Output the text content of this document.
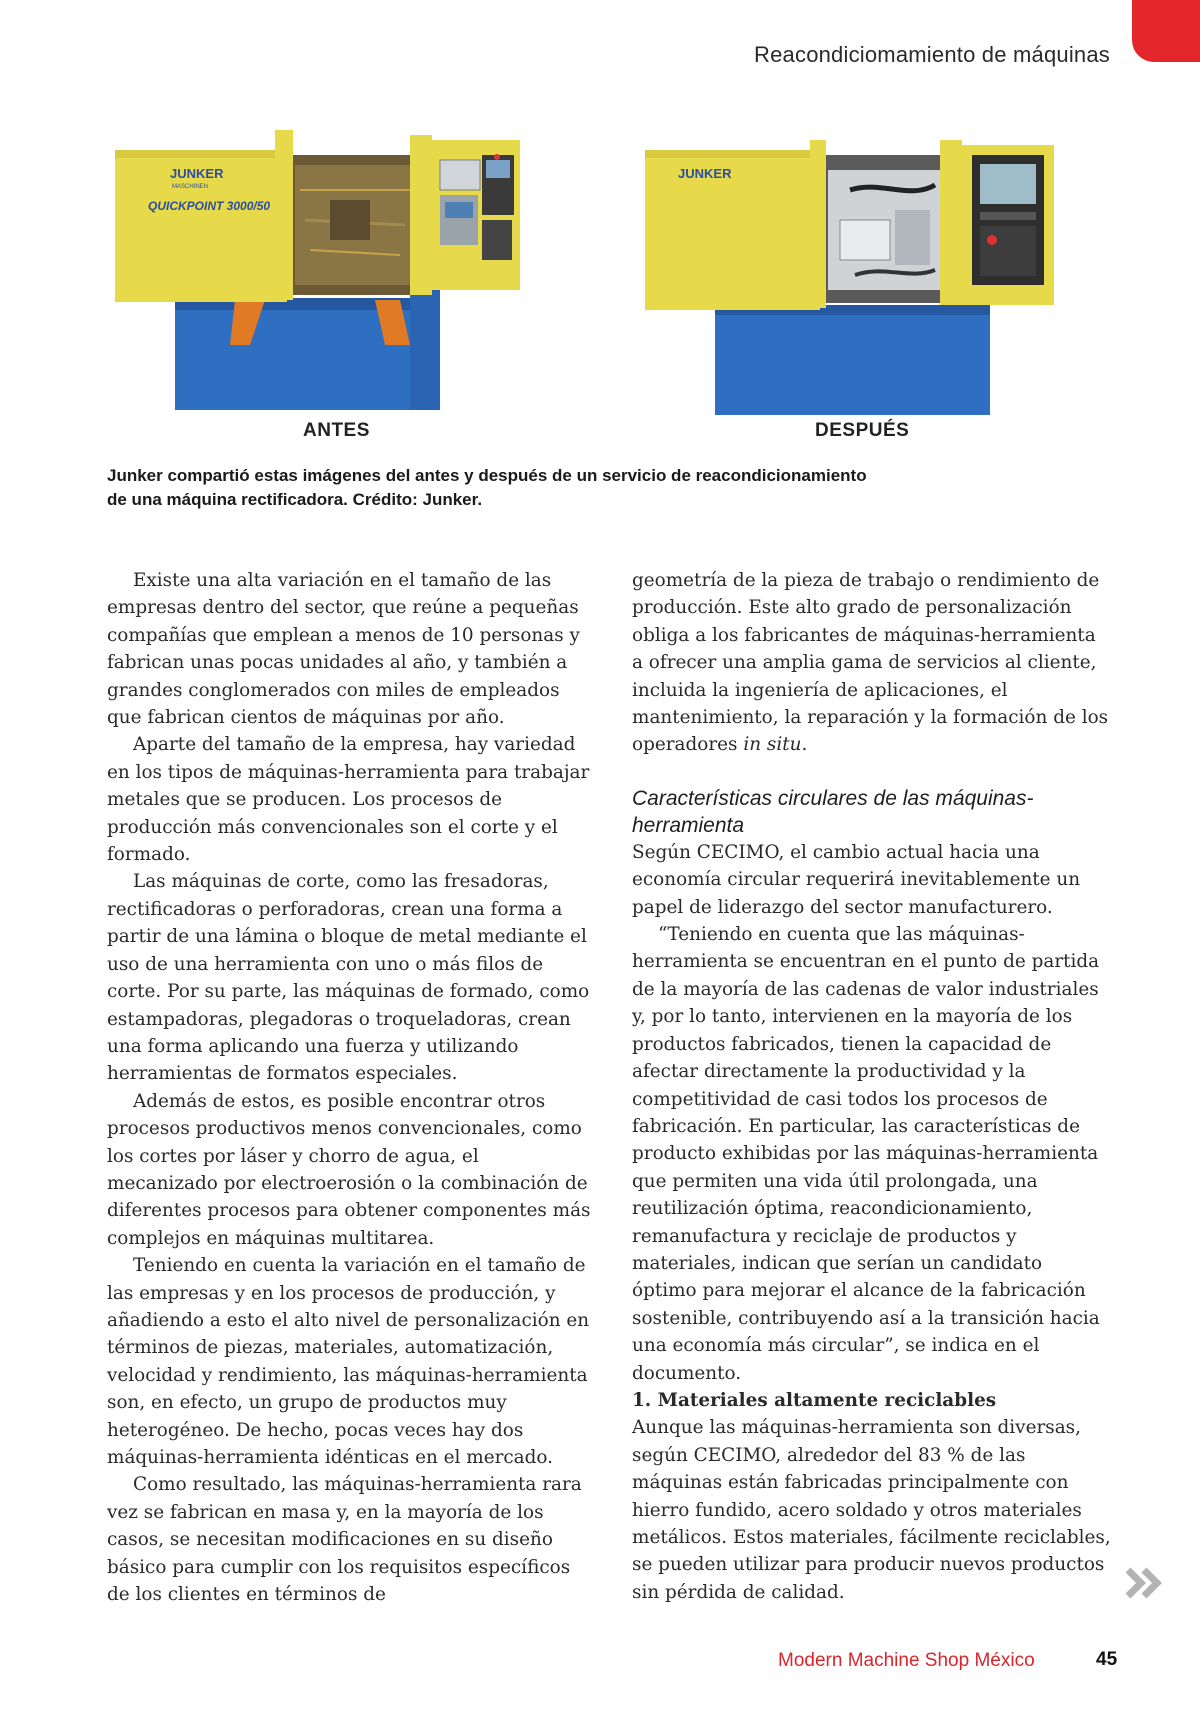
Reacondiciomamiento de máquinas
JUNKER
MASCHINEN
QUICKPOINT 3000/50
JUNKER
ANTES	DESPUÉS
Junker compartió estas imágenes del antes y después de un servicio de reacondicionamiento
de una máquina rectificadora. Crédito: Junker.

Existe una alta variación en el tamaño de las empresas dentro del sector, que reúne a pequeñas compañías que emplean a menos de 10 personas y fabrican unas pocas unidades al año, y también a grandes conglomerados con miles de empleados que fabrican cientos de máquinas por año.

Aparte del tamaño de la empresa, hay variedad en los tipos de máquinas-herramienta para trabajar metales que se producen. Los procesos de producción más convencionales son el corte y el formado.

Las máquinas de corte, como las fresadoras, rectificadoras o perforadoras, crean una forma a partir de una lámina o bloque de metal mediante el uso de una herramienta con uno o más filos de corte. Por su parte, las máquinas de formado, como estampadoras, plegadoras o troqueladoras, crean una forma aplicando una fuerza y utilizando herramientas de formatos especiales.

Además de estos, es posible encontrar otros procesos productivos menos convencionales, como los cortes por láser y chorro de agua, el mecanizado por electroerosión o la combinación de diferentes procesos para obtener componentes más complejos en máquinas multitarea.

Teniendo en cuenta la variación en el tamaño de las empresas y en los procesos de producción, y añadiendo a esto el alto nivel de personalización en términos de piezas, materiales, automatización, velocidad y rendimiento, las máquinas-herramienta son, en efecto, un grupo de productos muy heterogéneo. De hecho, pocas veces hay dos máquinas-herramienta idénticas en el mercado.

Como resultado, las máquinas-herramienta rara vez se fabrican en masa y, en la mayoría de los casos, se necesitan modificaciones en su diseño básico para cumplir con los requisitos específicos de los clientes en términos de

geometría de la pieza de trabajo o rendimiento de producción. Este alto grado de personalización obliga a los fabricantes de máquinas-herramienta a ofrecer una amplia gama de servicios al cliente, incluida la ingeniería de aplicaciones, el mantenimiento, la reparación y la formación de los operadores in situ.

Características circulares de las máquinas-herramienta

Según CECIMO, el cambio actual hacia una economía circular requerirá inevitablemente un papel de liderazgo del sector manufacturero.

“Teniendo en cuenta que las máquinas-herramienta se encuentran en el punto de partida de la mayoría de las cadenas de valor industriales y, por lo tanto, intervienen en la mayoría de los productos fabricados, tienen la capacidad de afectar directamente la productividad y la competitividad de casi todos los procesos de fabricación. En particular, las características de producto exhibidas por las máquinas-herramienta que permiten una vida útil prolongada, una reutilización óptima, reacondicionamiento, remanufactura y reciclaje de productos y materiales, indican que serían un candidato óptimo para mejorar el alcance de la fabricación sostenible, contribuyendo así a la transición hacia una economía más circular”, se indica en el documento.

1. Materiales altamente reciclables

Aunque las máquinas-herramienta son diversas, según CECIMO, alrededor del 83 % de las máquinas están fabricadas principalmente con hierro fundido, acero soldado y otros materiales metálicos. Estos materiales, fácilmente reciclables, se pueden utilizar para producir nuevos productos sin pérdida de calidad.

Modern Machine Shop México	45
